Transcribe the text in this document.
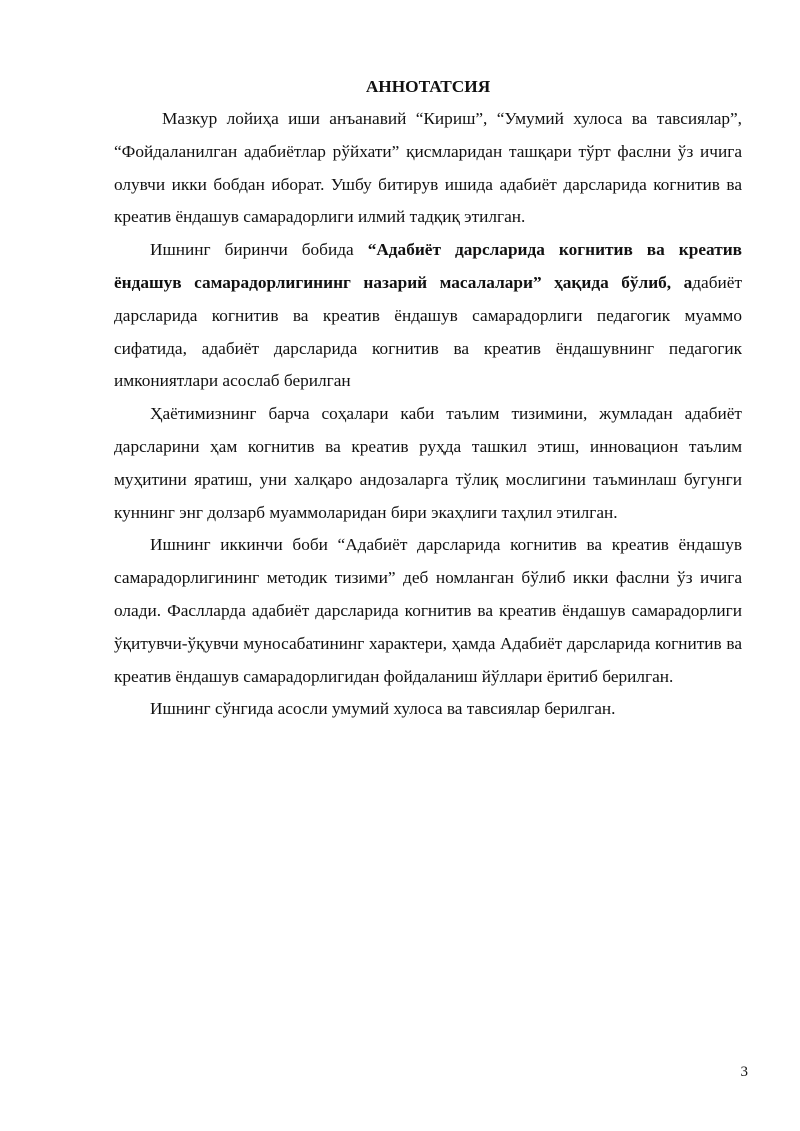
АННОТАТСИЯ

Мазкур лойиҳа иши анъанавий “Кириш”, “Умумий хулоса ва тавсиялар”, “Фойдаланилган адабиётлар рўйхати” қисмларидан ташқари тўрт фаслни ўз ичига олувчи икки бобдан иборат. Ушбу битирув ишида адабиёт дарсларида когнитив ва креатив ёндашув самарадорлиги илмий тадқиқ этилган.

Ишнинг биринчи бобида “Адабиёт дарсларида когнитив ва креатив ёндашув самарадорлигининг назарий масалалари” ҳақида бўлиб, адабиёт дарсларида когнитив ва креатив ёндашув самарадорлиги педагогик муаммо сифатида, адабиёт дарсларида когнитив ва креатив ёндашувнинг педагогик имкониятлари асослаб берилган

Ҳаётимизнинг барча соҳалари каби таълим тизимини, жумладан адабиёт дарсларини ҳам когнитив ва креатив руҳда ташкил этиш, инновацион таълим муҳитини яратиш, уни халқаро андозаларга тўлиқ мослигини таъминлаш бугунги куннинг энг долзарб муаммоларидан бири экаҳлиги таҳлил этилган.

Ишнинг иккинчи боби “Адабиёт дарсларида когнитив ва креатив ёндашув самарадорлигининг методик тизими” деб номланган бўлиб икки фаслни ўз ичига олади. Фаслларда адабиёт дарсларида когнитив ва креатив ёндашув самарадорлиги ўқитувчи-ўқувчи муносабатининг характери, ҳамда Адабиёт дарсларида когнитив ва креатив ёндашув самарадорлигидан фойдаланиш йўллари ёритиб берилган.

Ишнинг сўнгида асосли умумий хулоса ва тавсиялар берилган.

3
